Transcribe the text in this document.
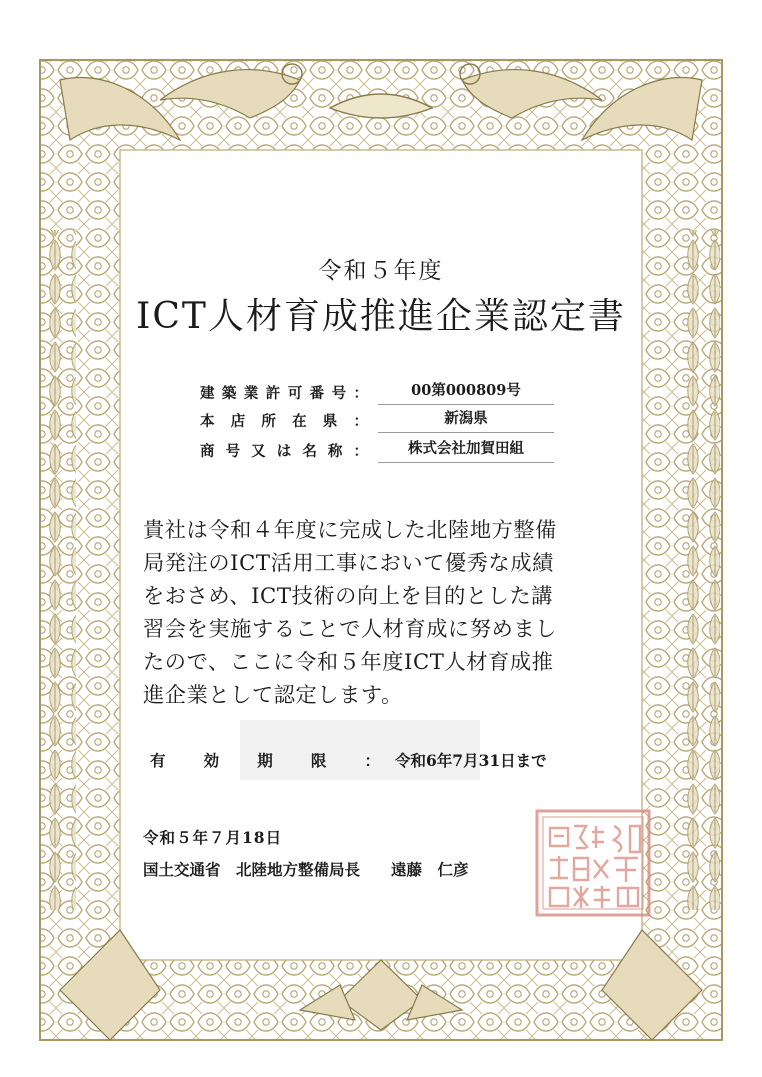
令和５年度
ICT人材育成推進企業認定書
建築業許可番号：	00第000809号
本店所在県：	新潟県
商号又は名称：	株式会社加賀田組
貴社は令和４年度に完成した北陸地方整備
局発注のICT活用工事において優秀な成績
をおさめ、ICT技術の向上を目的とした講
習会を実施することで人材育成に努めまし
たので、ここに令和５年度ICT人材育成推
進企業として認定します。
有効期限： 令和6年7月31日まで
令和５年７月18日
国土交通省　北陸地方整備局長　　遠藤　仁彦
